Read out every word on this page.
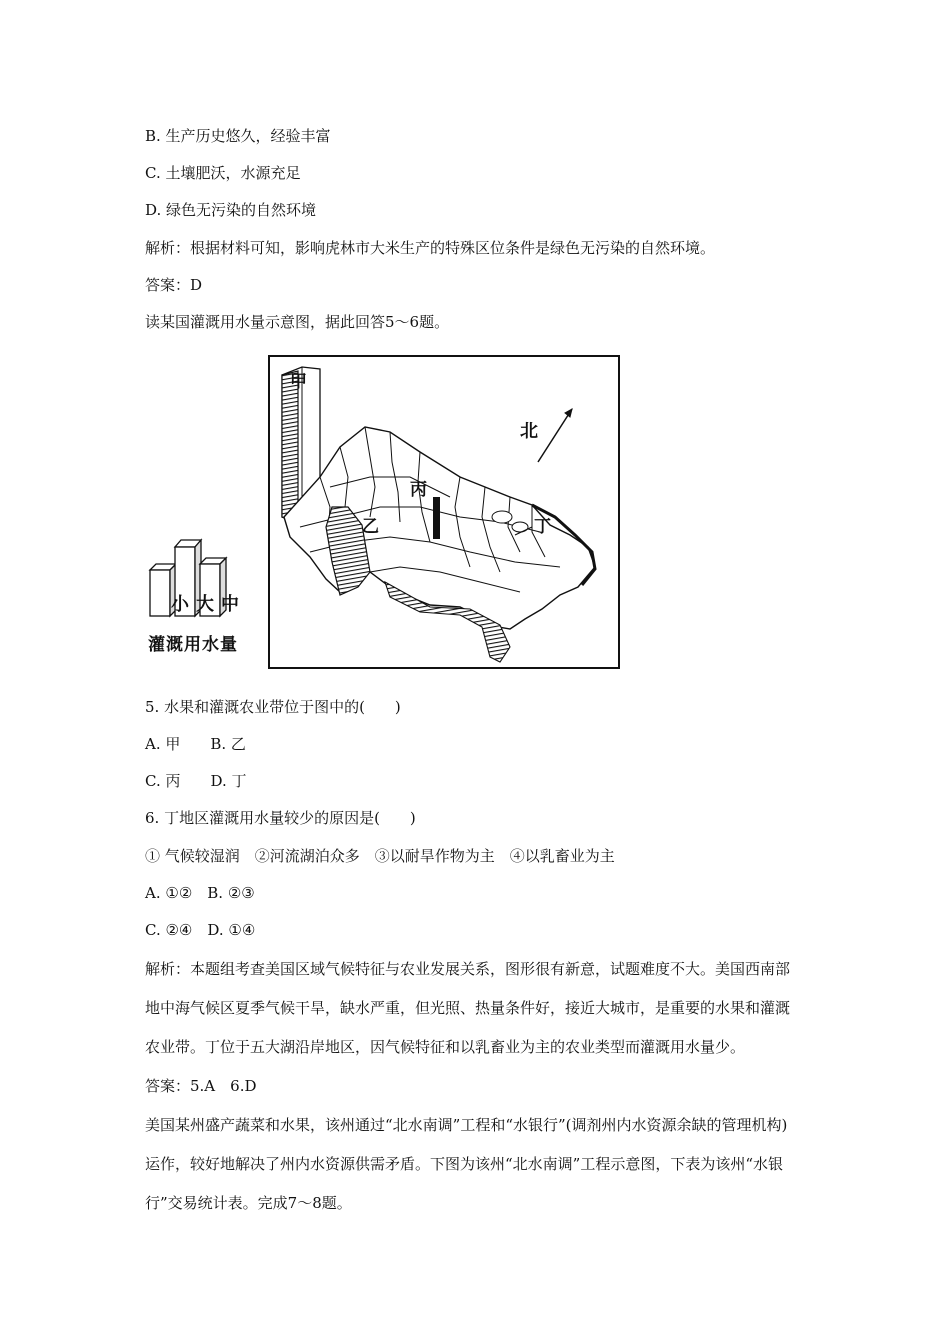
B. 生产历史悠久，经验丰富
C. 土壤肥沃，水源充足
D. 绿色无污染的自然环境
解析：根据材料可知，影响虎林市大米生产的特殊区位条件是绿色无污染的自然环境。
答案：D
读某国灌溉用水量示意图，据此回答5～6题。
小 大 中
灌溉用水量
甲
乙
丙
丁
北
5. 水果和灌溉农业带位于图中的(　　)
A. 甲　　B. 乙
C. 丙　　D. 丁
6. 丁地区灌溉用水量较少的原因是(　　)
① 气候较湿润　②河流湖泊众多　③以耐旱作物为主　④以乳畜业为主
A. ①②　B. ②③
C. ②④　D. ①④
解析：本题组考查美国区域气候特征与农业发展关系，图形很有新意，试题难度不大。美国西南部
地中海气候区夏季气候干旱，缺水严重，但光照、热量条件好，接近大城市，是重要的水果和灌溉
农业带。丁位于五大湖沿岸地区，因气候特征和以乳畜业为主的农业类型而灌溉用水量少。
答案：5.A　6.D
美国某州盛产蔬菜和水果，该州通过“北水南调”工程和“水银行”(调剂州内水资源余缺的管理机构)
运作，较好地解决了州内水资源供需矛盾。下图为该州“北水南调”工程示意图，下表为该州“水银
行”交易统计表。完成7～8题。
